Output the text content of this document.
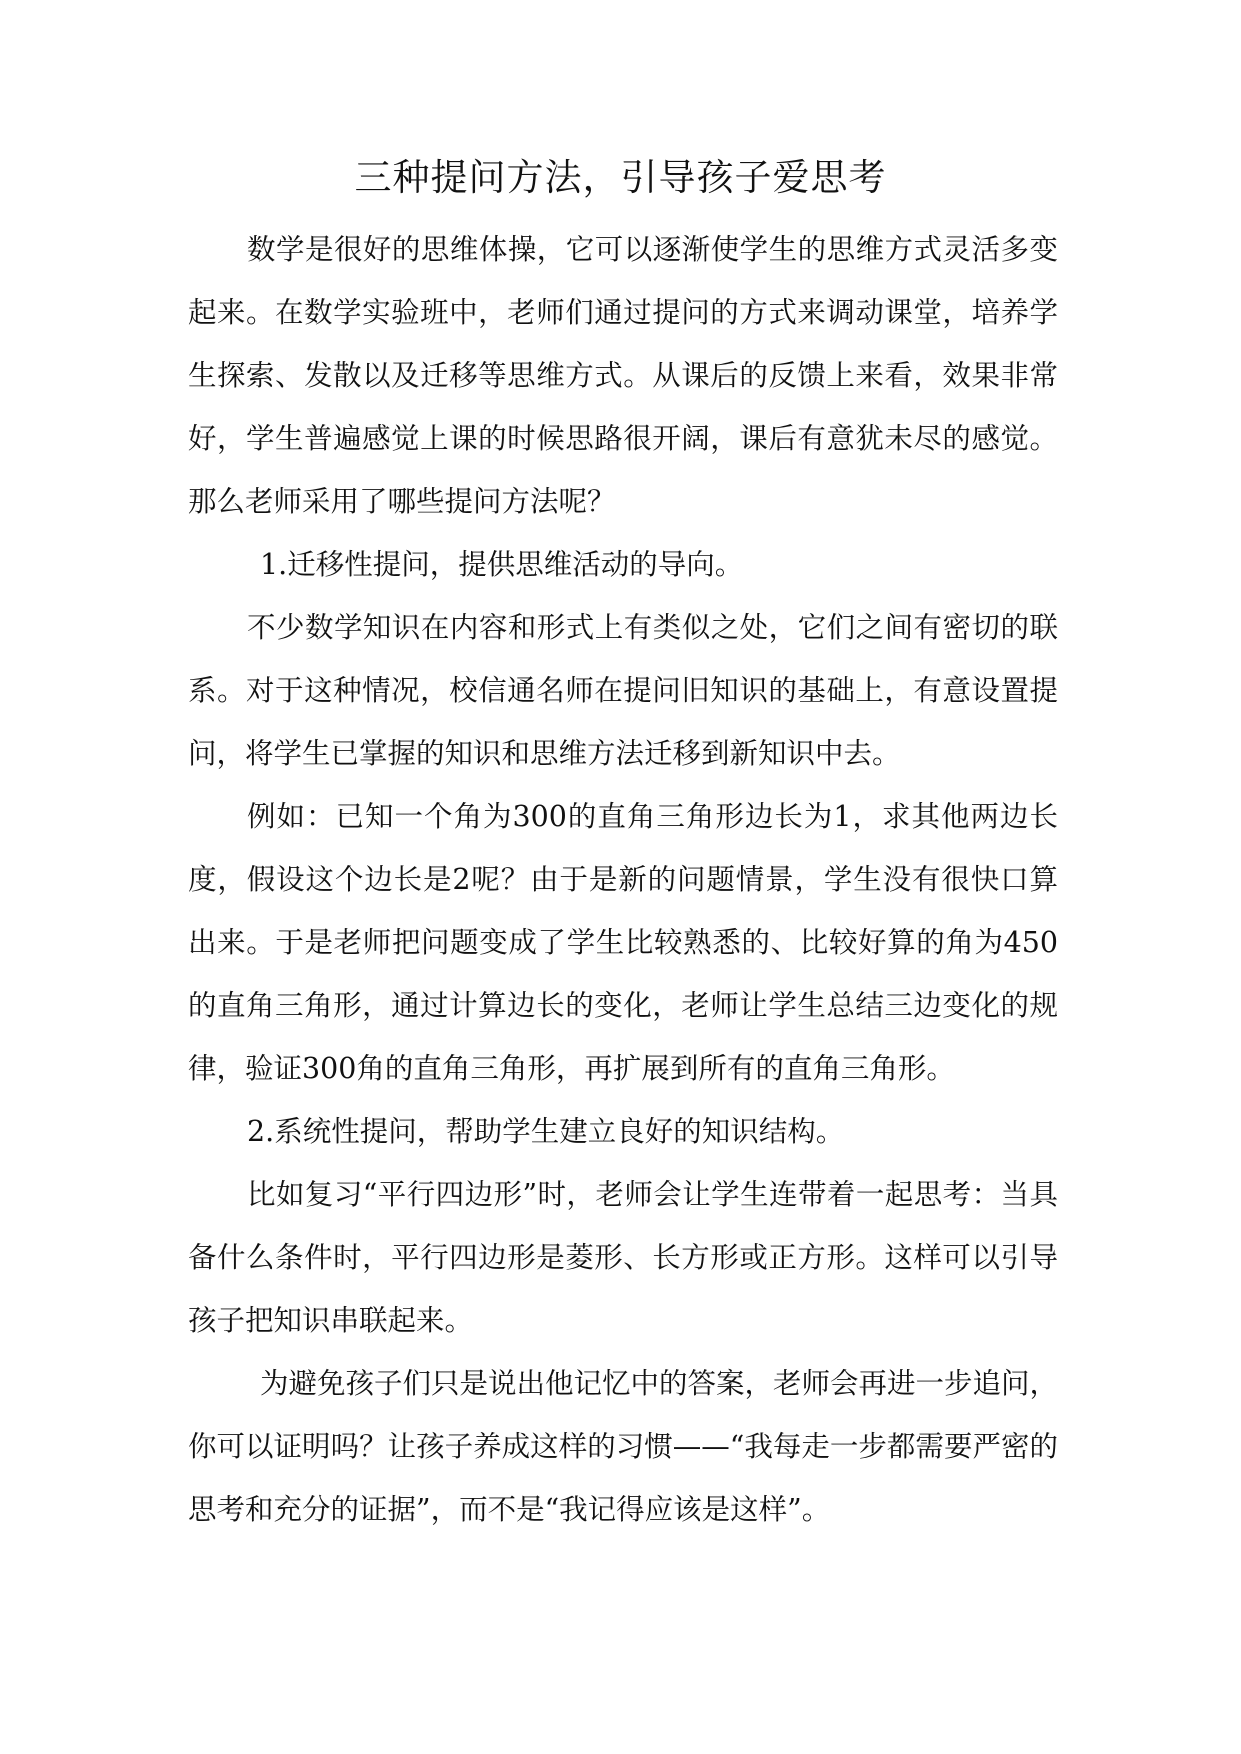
三种提问方法，引导孩子爱思考

数学是很好的思维体操，它可以逐渐使学生的思维方式灵活多变起来。在数学实验班中，老师们通过提问的方式来调动课堂，培养学生探索、发散以及迁移等思维方式。从课后的反馈上来看，效果非常好，学生普遍感觉上课的时候思路很开阔，课后有意犹未尽的感觉。那么老师采用了哪些提问方法呢？

1.迁移性提问，提供思维活动的导向。

不少数学知识在内容和形式上有类似之处，它们之间有密切的联系。对于这种情况，校信通名师在提问旧知识的基础上，有意设置提问，将学生已掌握的知识和思维方法迁移到新知识中去。

例如：已知一个角为300的直角三角形边长为1，求其他两边长度，假设这个边长是2呢？由于是新的问题情景，学生没有很快口算出来。于是老师把问题变成了学生比较熟悉的、比较好算的角为450的直角三角形，通过计算边长的变化，老师让学生总结三边变化的规律，验证300角的直角三角形，再扩展到所有的直角三角形。

2.系统性提问，帮助学生建立良好的知识结构。

比如复习“平行四边形”时，老师会让学生连带着一起思考：当具备什么条件时，平行四边形是菱形、长方形或正方形。这样可以引导孩子把知识串联起来。

为避免孩子们只是说出他记忆中的答案，老师会再进一步追问，你可以证明吗？让孩子养成这样的习惯——“我每走一步都需要严密的思考和充分的证据”，而不是“我记得应该是这样”。
